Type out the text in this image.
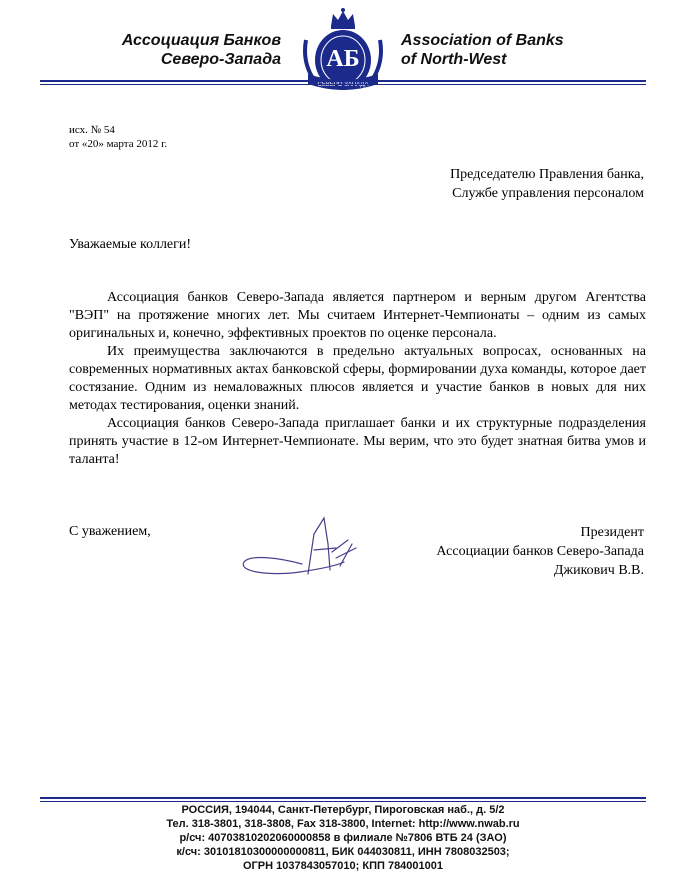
Ассоциация Банков
Северо-Запада АБ
СЕВЕРО-ЗАПАДА
Association of Banks
of North-West
исх. № 54
от «20» марта 2012 г.
Председателю Правления банка,
Службе управления персоналом
Уважаемые коллеги!

Ассоциация банков Северо-Запада является партнером и верным другом Агентства "ВЭП" на протяжение многих лет. Мы считаем Интернет-Чемпионаты – одним из самых оригинальных и, конечно, эффективных проектов по оценке персонала.

Их преимущества заключаются в предельно актуальных вопросах, основанных на современных нормативных актах банковской сферы, формировании духа команды, которое дает состязание. Одним из немаловажных плюсов является и участие банков в новых для них методах тестирования, оценки знаний.

Ассоциация банков Северо-Запада приглашает банки и их структурные подразделения принять участие в 12-ом Интернет-Чемпионате. Мы верим, что это будет знатная битва умов и таланта!

С уважением,	Президент
Ассоциации банков Северо-Запада
Джикович В.В.
РОССИЯ, 194044, Санкт-Петербург, Пироговская наб., д. 5/2
Тел. 318-3801, 318-3808, Fax 318-3800, Internet: http://www.nwab.ru
р/сч: 40703810202060000858 в филиале №7806 ВТБ 24 (ЗАО)
к/сч: 30101810300000000811, БИК 044030811, ИНН 7808032503;
ОГРН 1037843057010; КПП 784001001
